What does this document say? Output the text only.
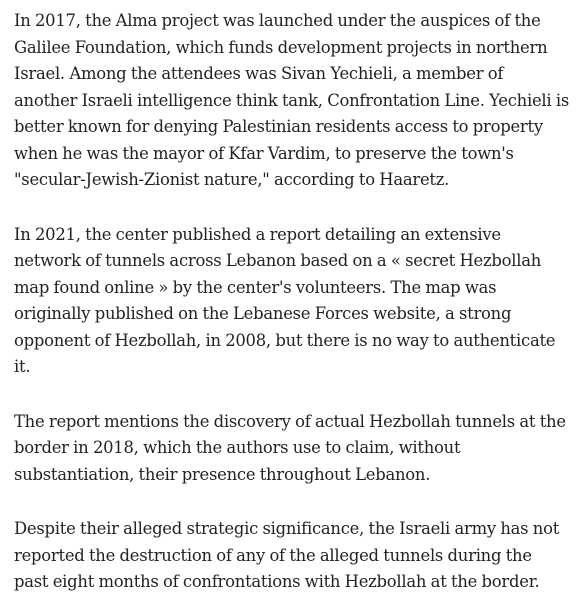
In 2017, the Alma project was launched under the auspices of the Galilee Foundation, which funds development projects in northern Israel. Among the attendees was Sivan Yechieli, a member of another Israeli intelligence think tank, Confrontation Line. Yechieli is better known for denying Palestinian residents access to property when he was the mayor of Kfar Vardim, to preserve the town's "secular-Jewish-Zionist nature," according to Haaretz.

In 2021, the center published a report detailing an extensive network of tunnels across Lebanon based on a « secret Hezbollah map found online » by the center's volunteers. The map was originally published on the Lebanese Forces website, a strong opponent of Hezbollah, in 2008, but there is no way to authenticate it.

The report mentions the discovery of actual Hezbollah tunnels at the border in 2018, which the authors use to claim, without substantiation, their presence throughout Lebanon.

Despite their alleged strategic significance, the Israeli army has not reported the destruction of any of the alleged tunnels during the past eight months of confrontations with Hezbollah at the border.
